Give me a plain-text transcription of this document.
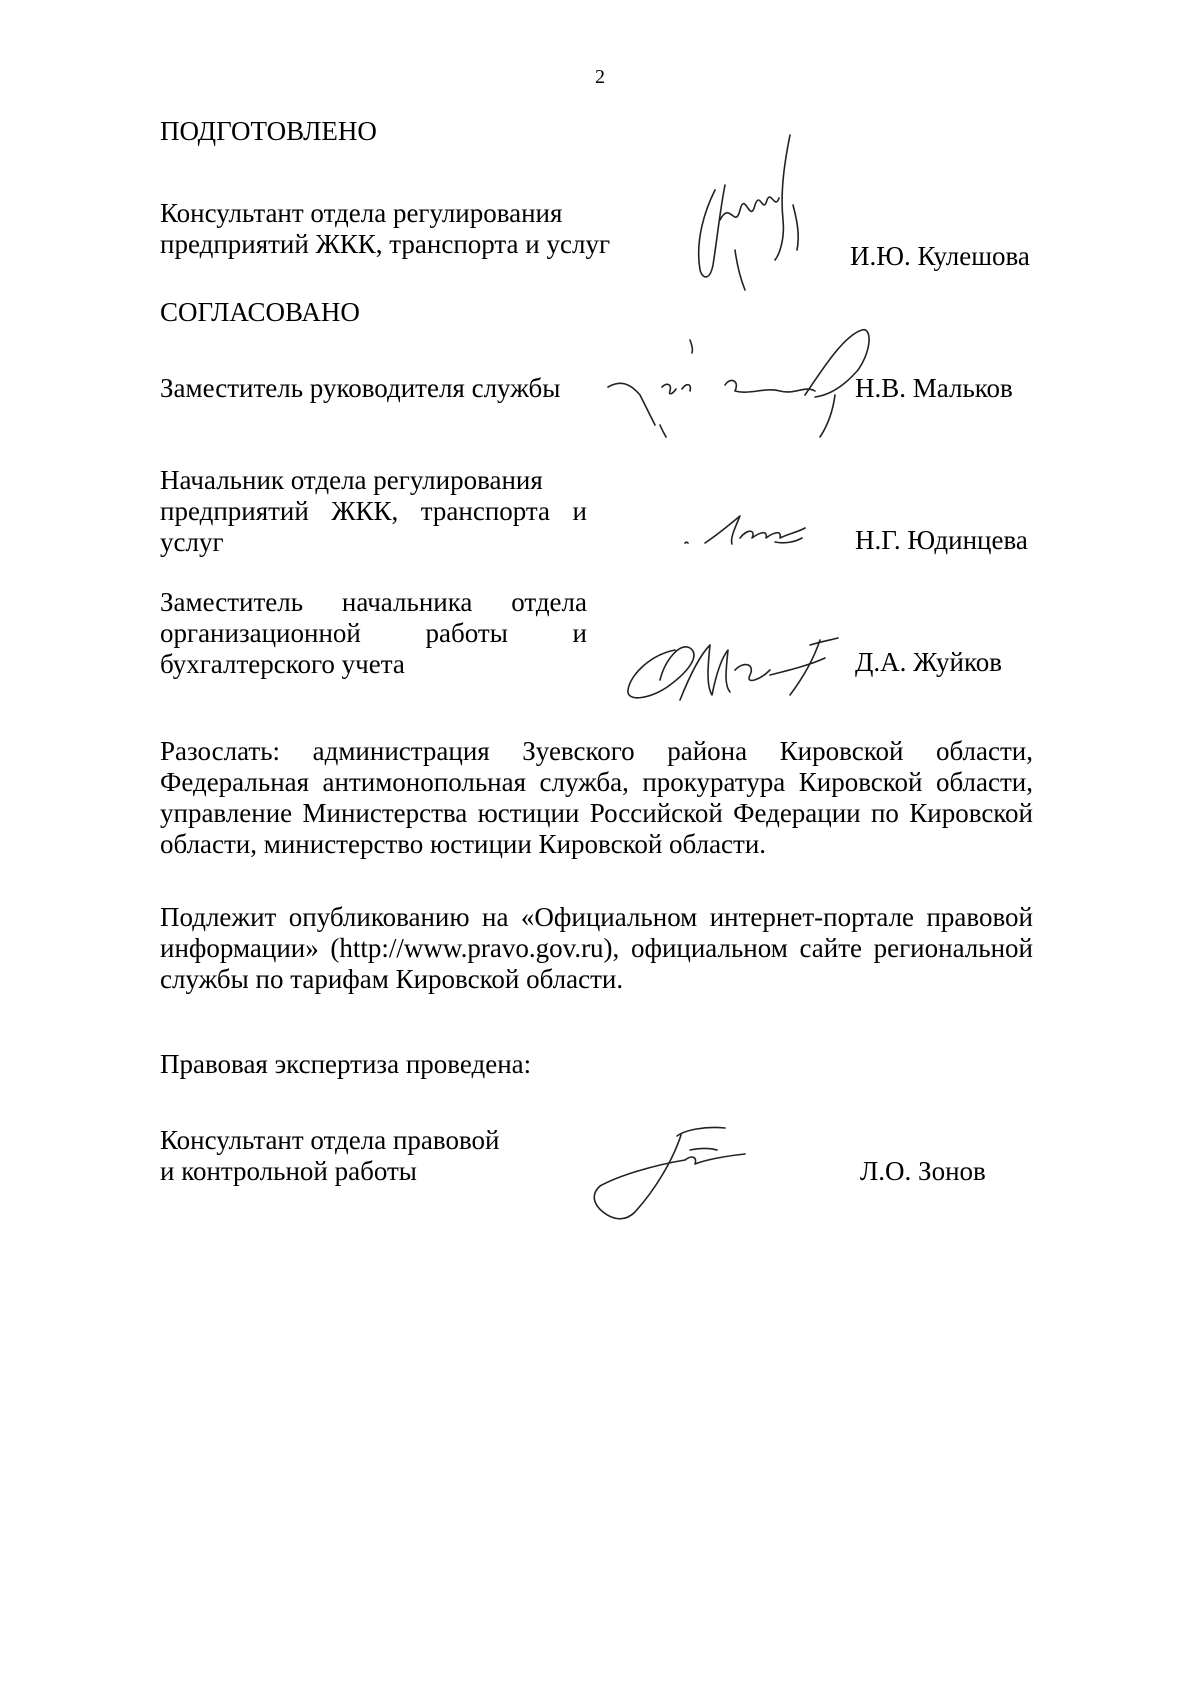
2
ПОДГОТОВЛЕНО
Консультант отдела регулирования
предприятий ЖКК, транспорта и услуг	И.Ю. Кулешова
СОГЛАСОВАНО
Заместитель руководителя службы	Н.В. Мальков
Начальник отдела регулирования
предприятий ЖКК, транспорта и
услуг	Н.Г. Юдинцева
Заместитель начальника отдела
организационной работы и
бухгалтерского учета	Д.А. Жуйков
Разослать: администрация Зуевского района Кировской области,
Федеральная антимонопольная служба, прокуратура Кировской области,
управление Министерства юстиции Российской Федерации по Кировской
области, министерство юстиции Кировской области.
Подлежит опубликованию на «Официальном интернет-портале правовой
информации» (http://www.pravo.gov.ru), официальном сайте региональной
службы по тарифам Кировской области.
Правовая экспертиза проведена:
Консультант отдела правовой
и контрольной работы	Л.О. Зонов
